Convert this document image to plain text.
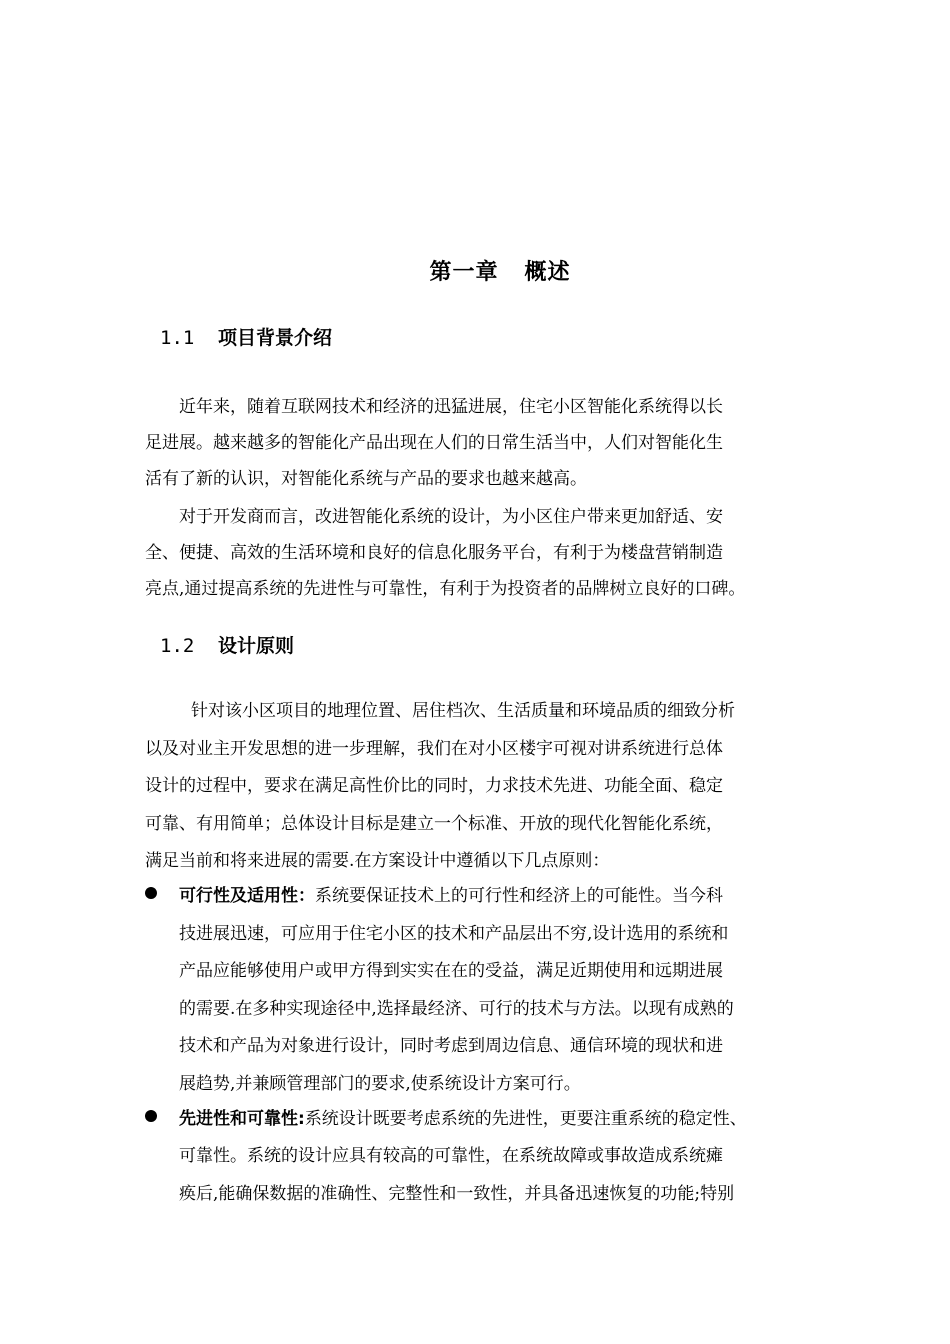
第一章 概述
1.1 项目背景介绍
近年来，随着互联网技术和经济的迅猛进展，住宅小区智能化系统得以长
足进展。越来越多的智能化产品出现在人们的日常生活当中，人们对智能化生
活有了新的认识，对智能化系统与产品的要求也越来越高。
对于开发商而言，改进智能化系统的设计，为小区住户带来更加舒适、安
全、便捷、高效的生活环境和良好的信息化服务平台，有利于为楼盘营销制造
亮点,通过提高系统的先进性与可靠性，有利于为投资者的品牌树立良好的口碑。
1.2 设计原则
针对该小区项目的地理位置、居住档次、生活质量和环境品质的细致分析
以及对业主开发思想的进一步理解，我们在对小区楼宇可视对讲系统进行总体
设计的过程中，要求在满足高性价比的同时，力求技术先进、功能全面、稳定
可靠、有用简单；总体设计目标是建立一个标准、开放的现代化智能化系统，
满足当前和将来进展的需要.在方案设计中遵循以下几点原则：
可行性及适用性：系统要保证技术上的可行性和经济上的可能性。当今科
技进展迅速，可应用于住宅小区的技术和产品层出不穷,设计选用的系统和
产品应能够使用户或甲方得到实实在在的受益，满足近期使用和远期进展
的需要.在多种实现途径中,选择最经济、可行的技术与方法。以现有成熟的
技术和产品为对象进行设计，同时考虑到周边信息、通信环境的现状和进
展趋势,并兼顾管理部门的要求,使系统设计方案可行。
先进性和可靠性:系统设计既要考虑系统的先进性，更要注重系统的稳定性、
可靠性。系统的设计应具有较高的可靠性，在系统故障或事故造成系统瘫
痪后,能确保数据的准确性、完整性和一致性，并具备迅速恢复的功能;特别
